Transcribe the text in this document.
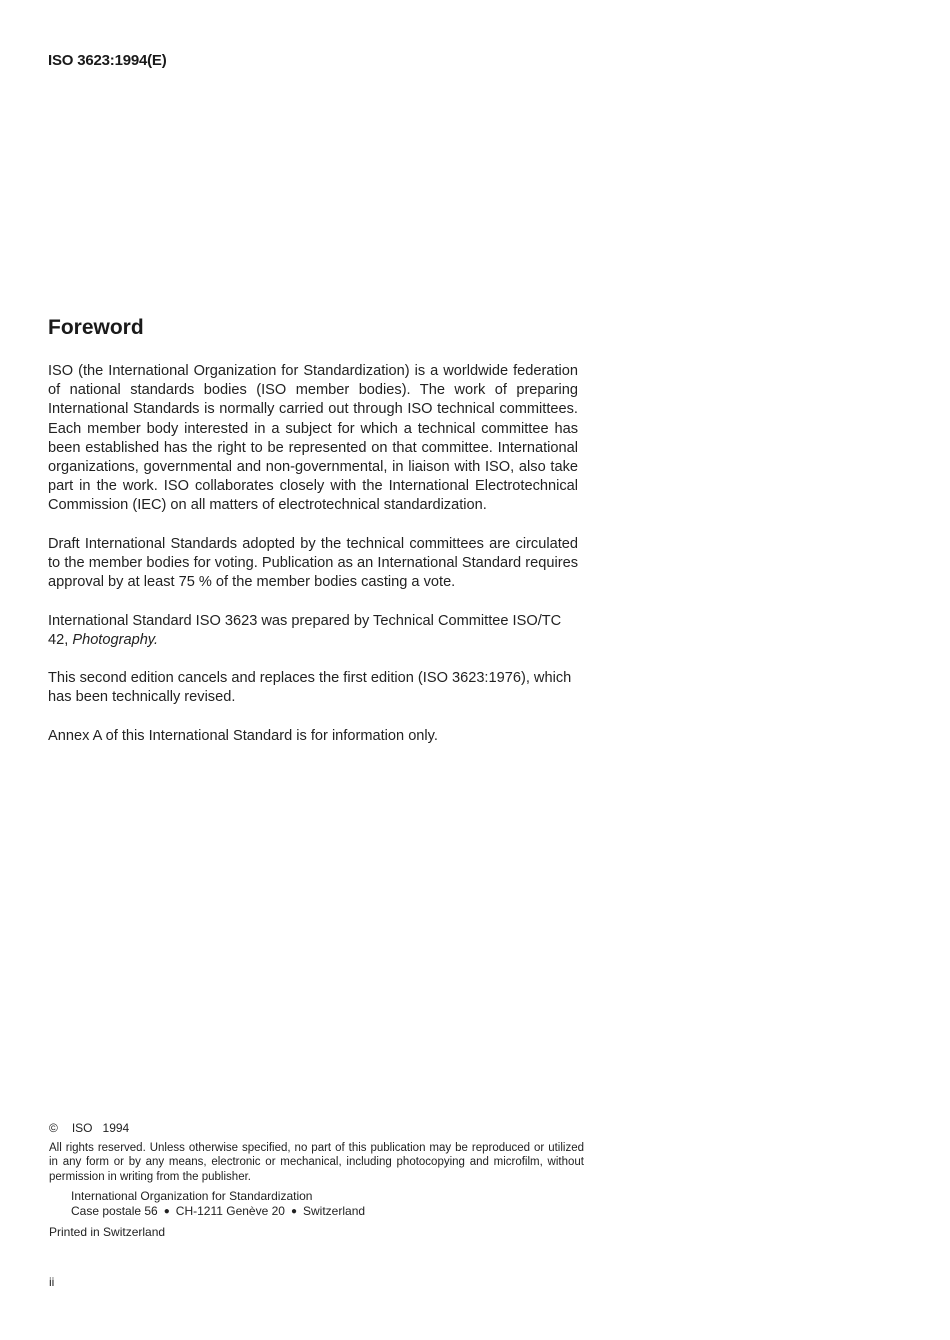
ISO 3623:1994(E)
Foreword

ISO (the International Organization for Standardization) is a worldwide federation of national standards bodies (ISO member bodies). The work of preparing International Standards is normally carried out through ISO technical committees. Each member body interested in a subject for which a technical committee has been established has the right to be represented on that committee. International organizations, governmental and non-governmental, in liaison with ISO, also take part in the work. ISO collaborates closely with the International Electrotechnical Commission (IEC) on all matters of electrotechnical standardization.

Draft International Standards adopted by the technical committees are circulated to the member bodies for voting. Publication as an International Standard requires approval by at least 75 % of the member bodies casting a vote.

International Standard ISO 3623 was prepared by Technical Committee ISO/TC 42, Photography.

This second edition cancels and replaces the first edition (ISO 3623:1976), which has been technically revised.

Annex A of this International Standard is for information only.

© ISO 1994

All rights reserved. Unless otherwise specified, no part of this publication may be reproduced or utilized in any form or by any means, electronic or mechanical, including photocopying and microfilm, without permission in writing from the publisher.

International Organization for Standardization
Case postale 56 ● CH-1211 Genève 20 ● Switzerland
Printed in Switzerland
ii
